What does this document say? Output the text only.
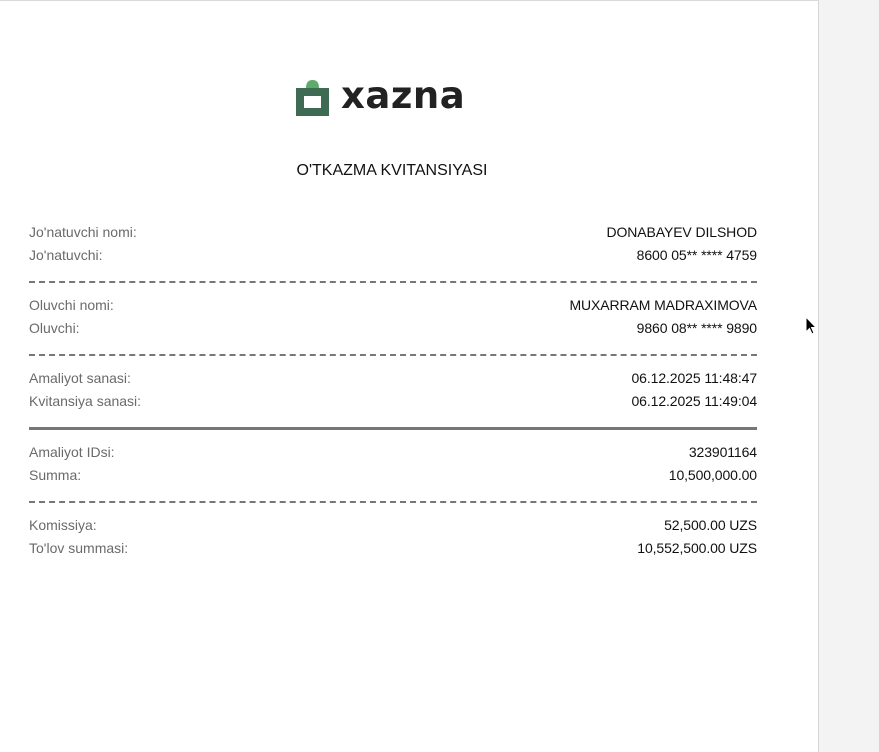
xazna
O'TKAZMA KVITANSIYASI
Jo'natuvchi nomi:	DONABAYEV DILSHOD
Jo'natuvchi:	8600 05** **** 4759
Oluvchi nomi:	MUXARRAM MADRAXIMOVA
Oluvchi:	9860 08** **** 9890
Amaliyot sanasi:	06.12.2025 11:48:47
Kvitansiya sanasi:	06.12.2025 11:49:04
Amaliyot IDsi:	323901164
Summa:	10,500,000.00
Komissiya:	52,500.00 UZS
To'lov summasi:	10,552,500.00 UZS
